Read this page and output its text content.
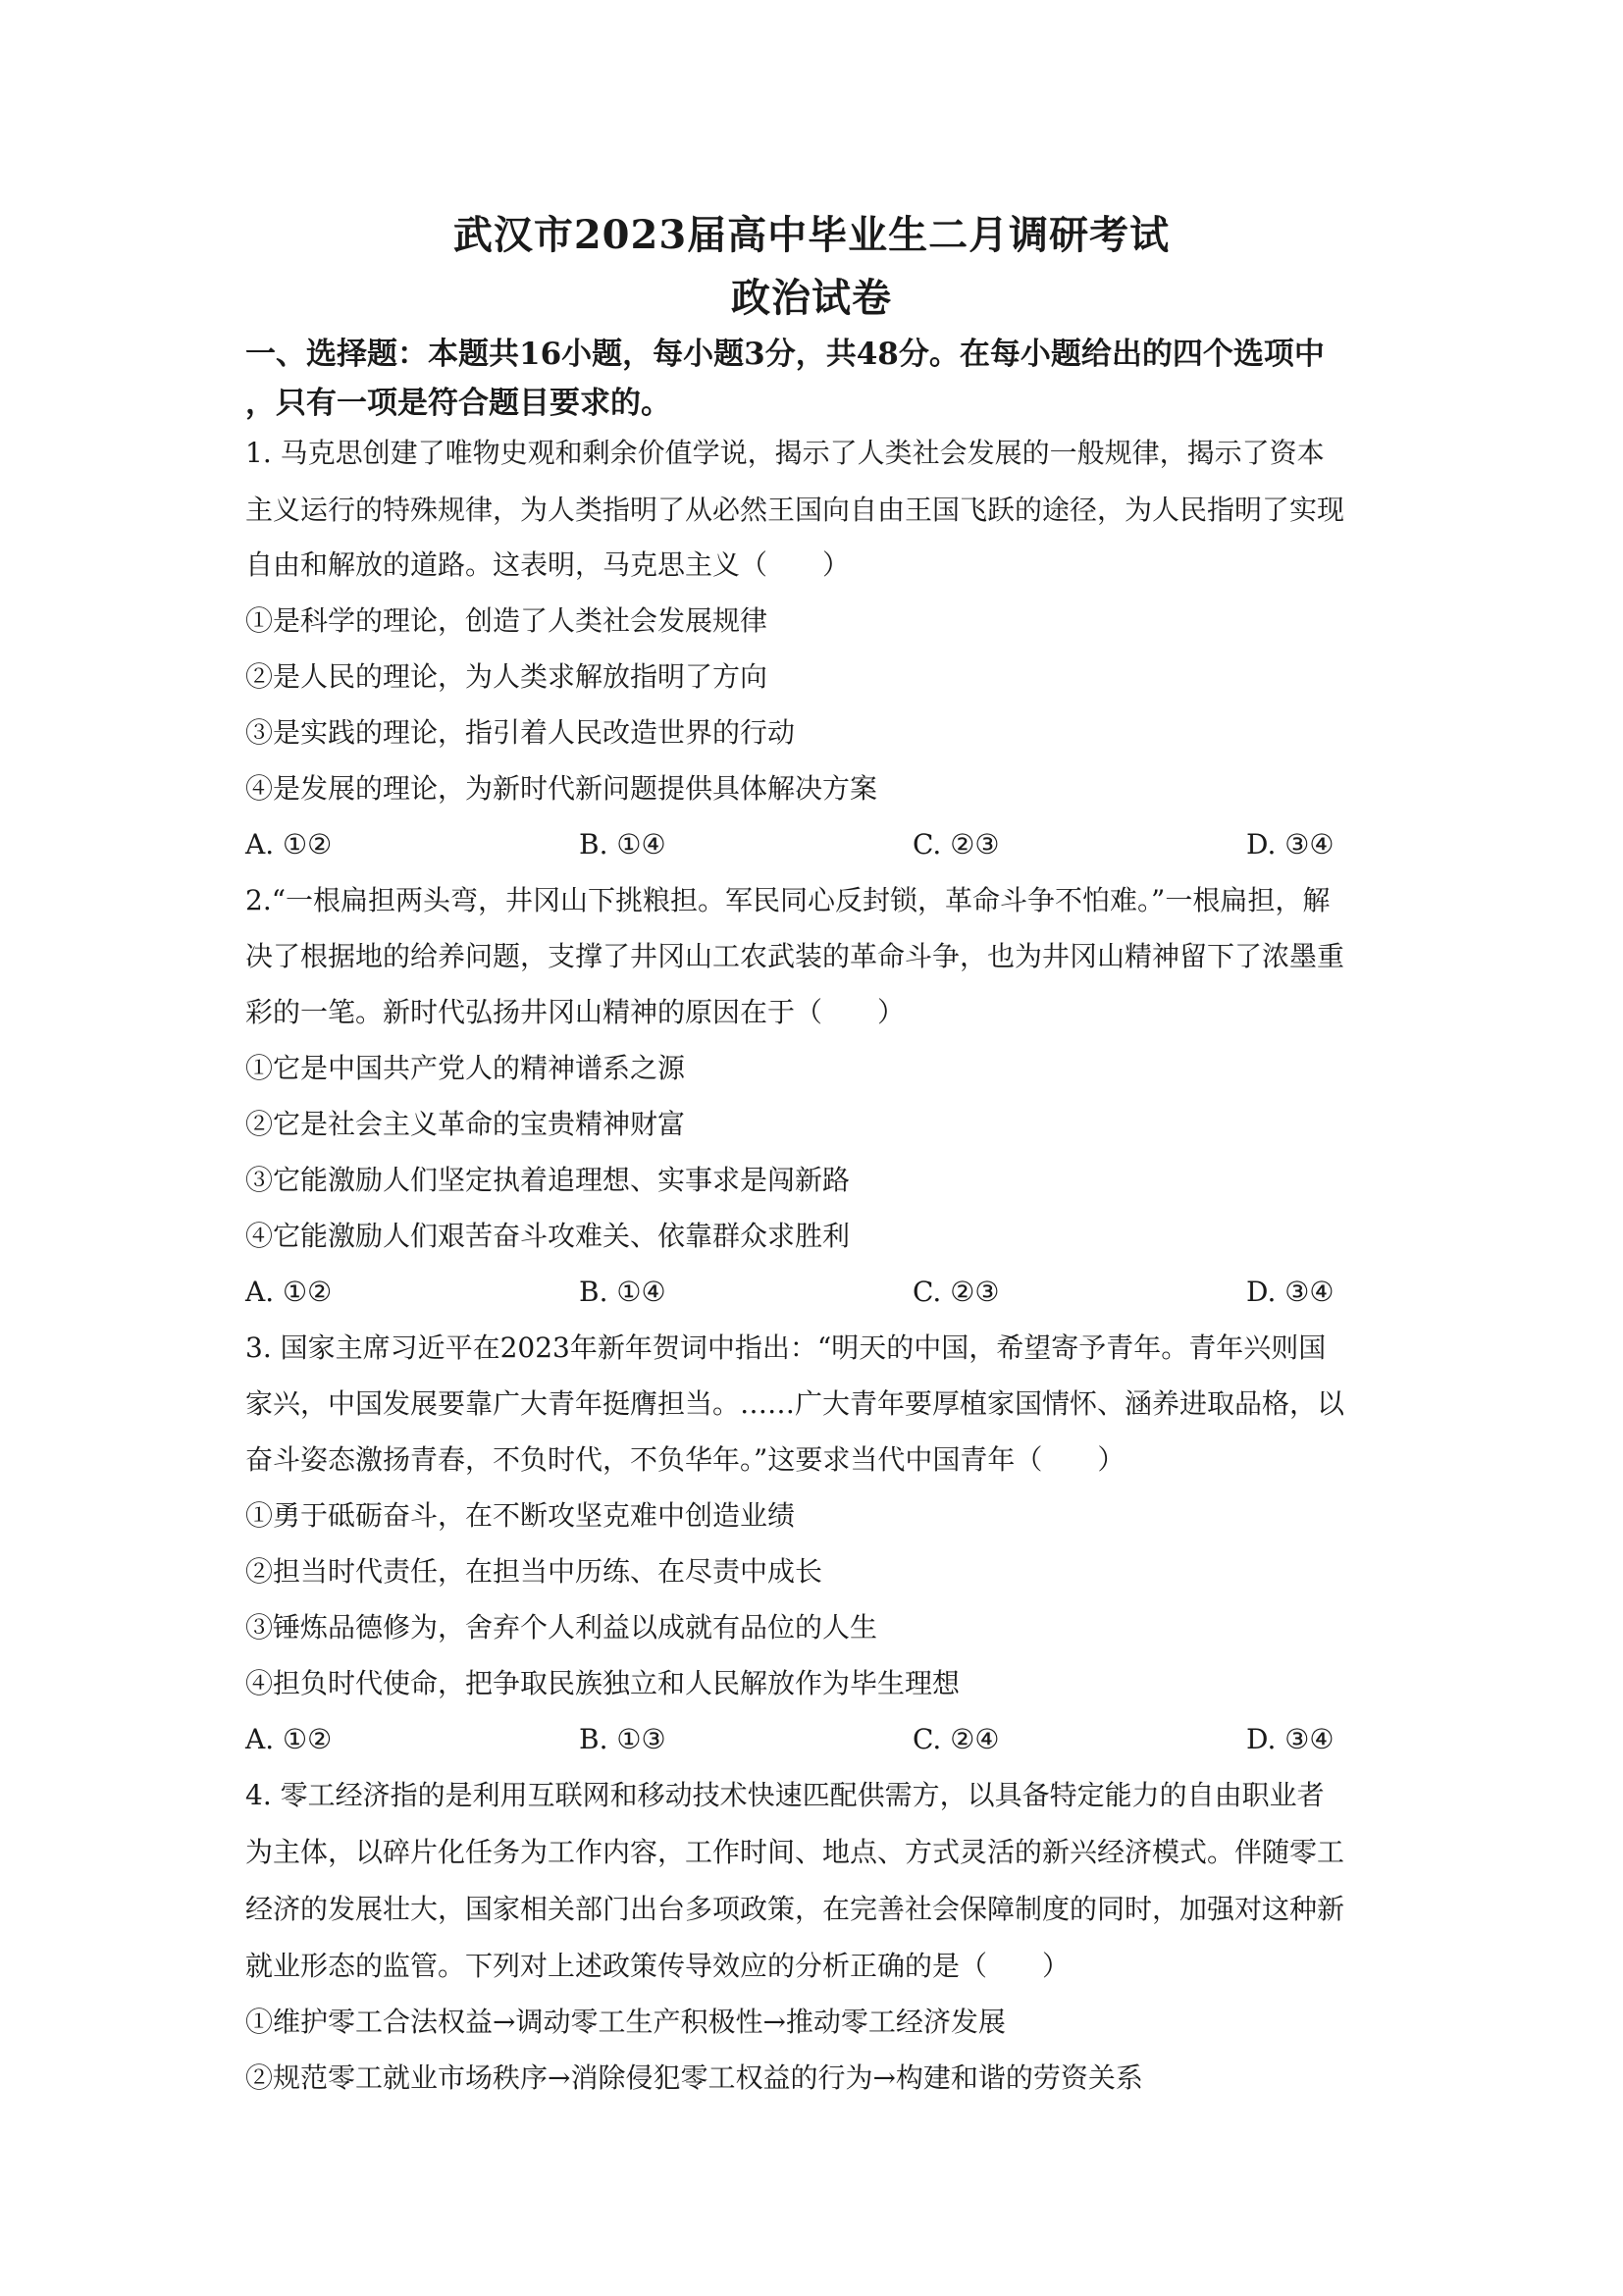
武汉市2023届高中毕业生二月调研考试
政治试卷
一、选择题：本题共16小题，每小题3分，共48分。在每小题给出的四个选项中
，只有一项是符合题目要求的。
1. 马克思创建了唯物史观和剩余价值学说，揭示了人类社会发展的一般规律，揭示了资本
主义运行的特殊规律，为人类指明了从必然王国向自由王国飞跃的途径，为人民指明了实现
自由和解放的道路。这表明，马克思主义（　　）
①是科学的理论，创造了人类社会发展规律
②是人民的理论，为人类求解放指明了方向
③是实践的理论，指引着人民改造世界的行动
④是发展的理论，为新时代新问题提供具体解决方案
A. ①②	B. ①④	C. ②③	D. ③④
2.“一根扁担两头弯，井冈山下挑粮担。军民同心反封锁，革命斗争不怕难。”一根扁担，解
决了根据地的给养问题，支撑了井冈山工农武装的革命斗争，也为井冈山精神留下了浓墨重
彩的一笔。新时代弘扬井冈山精神的原因在于（　　）
①它是中国共产党人的精神谱系之源
②它是社会主义革命的宝贵精神财富
③它能激励人们坚定执着追理想、实事求是闯新路
④它能激励人们艰苦奋斗攻难关、依靠群众求胜利
A. ①②	B. ①④	C. ②③	D. ③④
3. 国家主席习近平在2023年新年贺词中指出：“明天的中国，希望寄予青年。青年兴则国
家兴，中国发展要靠广大青年挺膺担当。……广大青年要厚植家国情怀、涵养进取品格，以
奋斗姿态激扬青春，不负时代，不负华年。”这要求当代中国青年（　　）
①勇于砥砺奋斗，在不断攻坚克难中创造业绩
②担当时代责任，在担当中历练、在尽责中成长
③锤炼品德修为，舍弃个人利益以成就有品位的人生
④担负时代使命，把争取民族独立和人民解放作为毕生理想
A. ①②	B. ①③	C. ②④	D. ③④
4. 零工经济指的是利用互联网和移动技术快速匹配供需方，以具备特定能力的自由职业者
为主体，以碎片化任务为工作内容，工作时间、地点、方式灵活的新兴经济模式。伴随零工
经济的发展壮大，国家相关部门出台多项政策，在完善社会保障制度的同时，加强对这种新
就业形态的监管。下列对上述政策传导效应的分析正确的是（　　）
①维护零工合法权益→调动零工生产积极性→推动零工经济发展
②规范零工就业市场秩序→消除侵犯零工权益的行为→构建和谐的劳资关系
